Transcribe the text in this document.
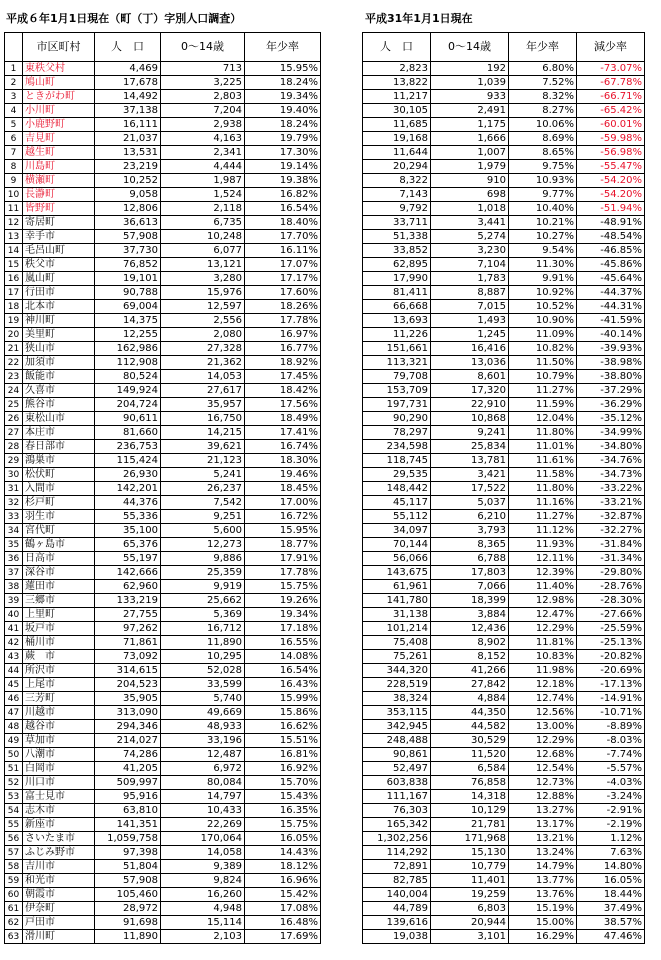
平成６年1月1日現在（町（丁）字別人口調査）	平成31年1月1日現在
	市区町村	人　口	0～14歳	年少率
1	東秩父村	4,469	713	15.95%
2	鳩山町	17,678	3,225	18.24%
3	ときがわ町	14,492	2,803	19.34%
4	小川町	37,138	7,204	19.40%
5	小鹿野町	16,111	2,938	18.24%
6	吉見町	21,037	4,163	19.79%
7	越生町	13,531	2,341	17.30%
8	川島町	23,219	4,444	19.14%
9	横瀬町	10,252	1,987	19.38%
10	長瀞町	9,058	1,524	16.82%
11	皆野町	12,806	2,118	16.54%
12	寄居町	36,613	6,735	18.40%
13	幸手市	57,908	10,248	17.70%
14	毛呂山町	37,730	6,077	16.11%
15	秩父市	76,852	13,121	17.07%
16	嵐山町	19,101	3,280	17.17%
17	行田市	90,788	15,976	17.60%
18	北本市	69,004	12,597	18.26%
19	神川町	14,375	2,556	17.78%
20	美里町	12,255	2,080	16.97%
21	狭山市	162,986	27,328	16.77%
22	加須市	112,908	21,362	18.92%
23	飯能市	80,524	14,053	17.45%
24	久喜市	149,924	27,617	18.42%
25	熊谷市	204,724	35,957	17.56%
26	東松山市	90,611	16,750	18.49%
27	本庄市	81,660	14,215	17.41%
28	春日部市	236,753	39,621	16.74%
29	鴻巣市	115,424	21,123	18.30%
30	松伏町	26,930	5,241	19.46%
31	入間市	142,201	26,237	18.45%
32	杉戸町	44,376	7,542	17.00%
33	羽生市	55,336	9,251	16.72%
34	宮代町	35,100	5,600	15.95%
35	鶴ヶ島市	65,376	12,273	18.77%
36	日高市	55,197	9,886	17.91%
37	深谷市	142,666	25,359	17.78%
38	蓮田市	62,960	9,919	15.75%
39	三郷市	133,219	25,662	19.26%
40	上里町	27,755	5,369	19.34%
41	坂戸市	97,262	16,712	17.18%
42	桶川市	71,861	11,890	16.55%
43	蕨　市	73,092	10,295	14.08%
44	所沢市	314,615	52,028	16.54%
45	上尾市	204,523	33,599	16.43%
46	三芳町	35,905	5,740	15.99%
47	川越市	313,090	49,669	15.86%
48	越谷市	294,346	48,933	16.62%
49	草加市	214,027	33,196	15.51%
50	八潮市	74,286	12,487	16.81%
51	白岡市	41,205	6,972	16.92%
52	川口市	509,997	80,084	15.70%
53	富士見市	95,916	14,797	15.43%
54	志木市	63,810	10,433	16.35%
55	新座市	141,351	22,269	15.75%
56	さいたま市	1,059,758	170,064	16.05%
57	ふじみ野市	97,398	14,058	14.43%
58	吉川市	51,804	9,389	18.12%
59	和光市	57,908	9,824	16.96%
60	朝霞市	105,460	16,260	15.42%
61	伊奈町	28,972	4,948	17.08%
62	戸田市	91,698	15,114	16.48%
63	滑川町	11,890	2,103	17.69%
人　口	0～14歳	年少率	減少率
2,823	192	6.80%	-73.07%
13,822	1,039	7.52%	-67.78%
11,217	933	8.32%	-66.71%
30,105	2,491	8.27%	-65.42%
11,685	1,175	10.06%	-60.01%
19,168	1,666	8.69%	-59.98%
11,644	1,007	8.65%	-56.98%
20,294	1,979	9.75%	-55.47%
8,322	910	10.93%	-54.20%
7,143	698	9.77%	-54.20%
9,792	1,018	10.40%	-51.94%
33,711	3,441	10.21%	-48.91%
51,338	5,274	10.27%	-48.54%
33,852	3,230	9.54%	-46.85%
62,895	7,104	11.30%	-45.86%
17,990	1,783	9.91%	-45.64%
81,411	8,887	10.92%	-44.37%
66,668	7,015	10.52%	-44.31%
13,693	1,493	10.90%	-41.59%
11,226	1,245	11.09%	-40.14%
151,661	16,416	10.82%	-39.93%
113,321	13,036	11.50%	-38.98%
79,708	8,601	10.79%	-38.80%
153,709	17,320	11.27%	-37.29%
197,731	22,910	11.59%	-36.29%
90,290	10,868	12.04%	-35.12%
78,297	9,241	11.80%	-34.99%
234,598	25,834	11.01%	-34.80%
118,745	13,781	11.61%	-34.76%
29,535	3,421	11.58%	-34.73%
148,442	17,522	11.80%	-33.22%
45,117	5,037	11.16%	-33.21%
55,112	6,210	11.27%	-32.87%
34,097	3,793	11.12%	-32.27%
70,144	8,365	11.93%	-31.84%
56,066	6,788	12.11%	-31.34%
143,675	17,803	12.39%	-29.80%
61,961	7,066	11.40%	-28.76%
141,780	18,399	12.98%	-28.30%
31,138	3,884	12.47%	-27.66%
101,214	12,436	12.29%	-25.59%
75,408	8,902	11.81%	-25.13%
75,261	8,152	10.83%	-20.82%
344,320	41,266	11.98%	-20.69%
228,519	27,842	12.18%	-17.13%
38,324	4,884	12.74%	-14.91%
353,115	44,350	12.56%	-10.71%
342,945	44,582	13.00%	-8.89%
248,488	30,529	12.29%	-8.03%
90,861	11,520	12.68%	-7.74%
52,497	6,584	12.54%	-5.57%
603,838	76,858	12.73%	-4.03%
111,167	14,318	12.88%	-3.24%
76,303	10,129	13.27%	-2.91%
165,342	21,781	13.17%	-2.19%
1,302,256	171,968	13.21%	1.12%
114,292	15,130	13.24%	7.63%
72,891	10,779	14.79%	14.80%
82,785	11,401	13.77%	16.05%
140,004	19,259	13.76%	18.44%
44,789	6,803	15.19%	37.49%
139,616	20,944	15.00%	38.57%
19,038	3,101	16.29%	47.46%
